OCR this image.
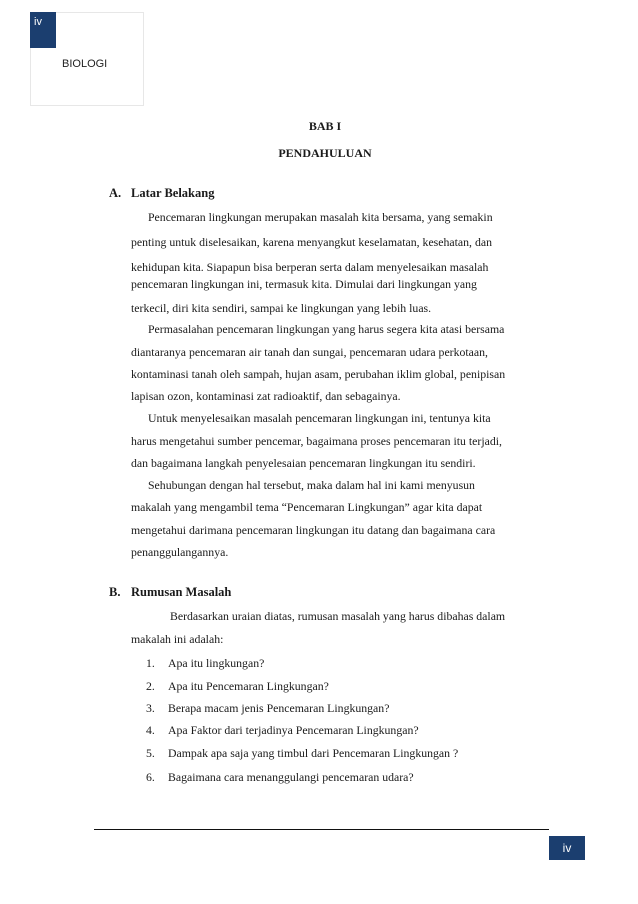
iv
BIOLOGI
BAB I
PENDAHULUAN
A. Latar Belakang
Pencemaran lingkungan merupakan masalah kita bersama, yang semakin
penting untuk diselesaikan, karena menyangkut keselamatan, kesehatan, dan
kehidupan kita. Siapapun bisa berperan serta dalam menyelesaikan masalah
pencemaran lingkungan ini, termasuk kita. Dimulai dari lingkungan yang
terkecil, diri kita sendiri, sampai ke lingkungan yang lebih luas.
Permasalahan pencemaran lingkungan yang harus segera kita atasi bersama
diantaranya pencemaran air tanah dan sungai, pencemaran udara perkotaan,
kontaminasi tanah oleh sampah, hujan asam, perubahan iklim global, penipisan
lapisan ozon, kontaminasi zat radioaktif, dan sebagainya.
Untuk menyelesaikan masalah pencemaran lingkungan ini, tentunya kita
harus mengetahui sumber pencemar, bagaimana proses pencemaran itu terjadi,
dan bagaimana langkah penyelesaian pencemaran lingkungan itu sendiri.
Sehubungan dengan hal tersebut, maka dalam hal ini kami menyusun
makalah yang mengambil tema “Pencemaran Lingkungan” agar kita dapat
mengetahui darimana pencemaran lingkungan itu datang dan bagaimana cara
penanggulangannya.
B. Rumusan Masalah
Berdasarkan uraian diatas, rumusan masalah yang harus dibahas dalam
makalah ini adalah:
1. Apa itu lingkungan?
2. Apa itu Pencemaran Lingkungan?
3. Berapa macam jenis Pencemaran Lingkungan?
4. Apa Faktor dari terjadinya Pencemaran Lingkungan?
5. Dampak apa saja yang timbul dari Pencemaran Lingkungan ?
6. Bagaimana cara menanggulangi pencemaran udara?
iv
